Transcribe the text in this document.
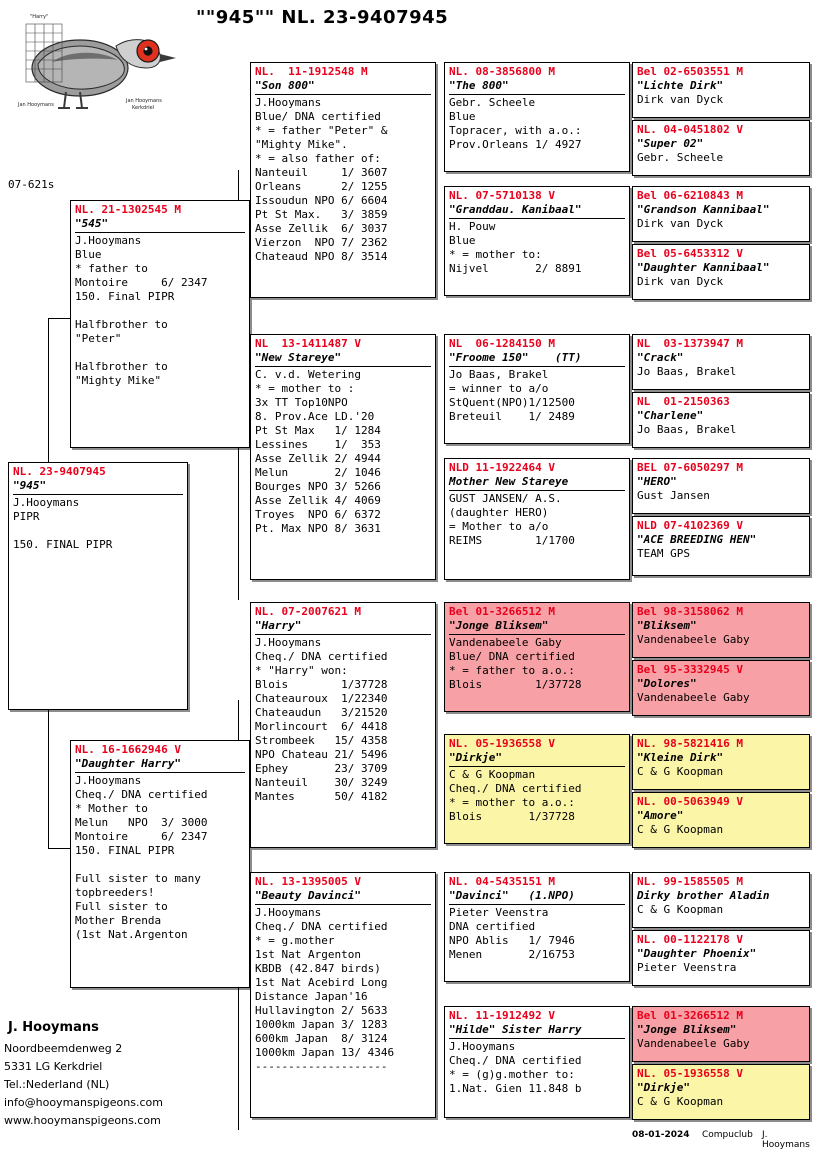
""945"" NL. 23-9407945
"Harry"
Jan Hooymans
Jan Hooymans
Kerkdriel
07-621s
NL. 23-9407945
"945"
J.Hooymans
PIPR

150. FINAL PIPR
NL. 21-1302545 M
"545"
J.Hooymans
Blue
* father to
Montoire     6/ 2347
150. Final PIPR

Halfbrother to
"Peter"

Halfbrother to
"Mighty Mike"
NL. 16-1662946 V
"Daughter Harry"
J.Hooymans
Cheq./ DNA certified
* Mother to
Melun   NPO  3/ 3000
Montoire     6/ 2347
150. FINAL PIPR

Full sister to many
topbreeders!
Full sister to
Mother Brenda
(1st Nat.Argenton
NL.  11-1912548 M
"Son 800"
J.Hooymans
Blue/ DNA certified
* = father "Peter" &
"Mighty Mike".
* = also father of:
Nanteuil     1/ 3607
Orleans      2/ 1255
Issoudun NPO 6/ 6604
Pt St Max.   3/ 3859
Asse Zellik  6/ 3037
Vierzon  NPO 7/ 2362
Chateaud NPO 8/ 3514
NL  13-1411487 V
"New Stareye"
C. v.d. Wetering
* = mother to :
3x TT Top10NPO
8. Prov.Ace LD.'20
Pt St Max   1/ 1284
Lessines    1/  353
Asse Zellik 2/ 4944
Melun       2/ 1046
Bourges NPO 3/ 5266
Asse Zellik 4/ 4069
Troyes  NPO 6/ 6372
Pt. Max NPO 8/ 3631
NL. 07-2007621 M
"Harry"
J.Hooymans
Cheq./ DNA certified
* "Harry" won:
Blois        1/37728
Chateauroux  1/22340
Chateaudun   3/21520
Morlincourt  6/ 4418
Strombeek   15/ 4358
NPO Chateau 21/ 5496
Ephey       23/ 3709
Nanteuil    30/ 3249
Mantes      50/ 4182
NL. 13-1395005 V
"Beauty Davinci"
J.Hooymans
Cheq./ DNA certified
* = g.mother
1st Nat Argenton
KBDB (42.847 birds)
1st Nat Acebird Long
Distance Japan'16
Hullavington 2/ 5633
1000km Japan 3/ 1283
600km Japan  8/ 3124
1000km Japan 13/ 4346
--------------------
NL. 08-3856800 M
"The 800"
Gebr. Scheele
Blue
Topracer, with a.o.:
Prov.Orleans 1/ 4927
NL. 07-5710138 V
"Granddau. Kanibaal"
H. Pouw
Blue
* = mother to:
Nijvel       2/ 8891
NL  06-1284150 M
"Froome 150"    (TT)
Jo Baas, Brakel
= winner to a/o
StQuent(NPO)1/12500
Breteuil    1/ 2489
NLD 11-1922464 V
Mother New Stareye
GUST JANSEN/ A.S.
(daughter HERO)
= Mother to a/o
REIMS        1/1700
Bel 01-3266512 M
"Jonge Bliksem"
Vandenabeele Gaby
Blue/ DNA certified
* = father to a.o.:
Blois        1/37728
NL. 05-1936558 V
"Dirkje"
C & G Koopman
Cheq./ DNA certified
* = mother to a.o.:
Blois       1/37728
NL. 04-5435151 M
"Davinci"   (1.NPO)
Pieter Veenstra
DNA certified
NPO Ablis   1/ 7946
Menen       2/16753
NL. 11-1912492 V
"Hilde" Sister Harry
J.Hooymans
Cheq./ DNA certified
* = (g)g.mother to:
1.Nat. Gien 11.848 b
Bel 02-6503551 M
"Lichte Dirk"
Dirk van Dyck
NL. 04-0451802 V
"Super 02"
Gebr. Scheele
Bel 06-6210843 M
"Grandson Kannibaal"
Dirk van Dyck
Bel 05-6453312 V
"Daughter Kannibaal"
Dirk van Dyck
NL  03-1373947 M
"Crack"
Jo Baas, Brakel
NL  01-2150363
"Charlene"
Jo Baas, Brakel
BEL 07-6050297 M
"HERO"
Gust Jansen
NLD 07-4102369 V
"ACE BREEDING HEN"
TEAM GPS
Bel 98-3158062 M
"Bliksem"
Vandenabeele Gaby
Bel 95-3332945 V
"Dolores"
Vandenabeele Gaby
NL. 98-5821416 M
"Kleine Dirk"
C & G Koopman
NL. 00-5063949 V
"Amore"
C & G Koopman
NL. 99-1585505 M
Dirky brother Aladin
C & G Koopman
NL. 00-1122178 V
"Daughter Phoenix"
Pieter Veenstra
Bel 01-3266512 M
"Jonge Bliksem"
Vandenabeele Gaby
NL. 05-1936558 V
"Dirkje"
C & G Koopman
J. Hooymans
Noordbeemdenweg 2
5331 LG Kerkdriel
Tel.:Nederland (NL)
info@hooymanspigeons.com
www.hooymanspigeons.com
08-01-2024 Compuclub J. Hooymans
